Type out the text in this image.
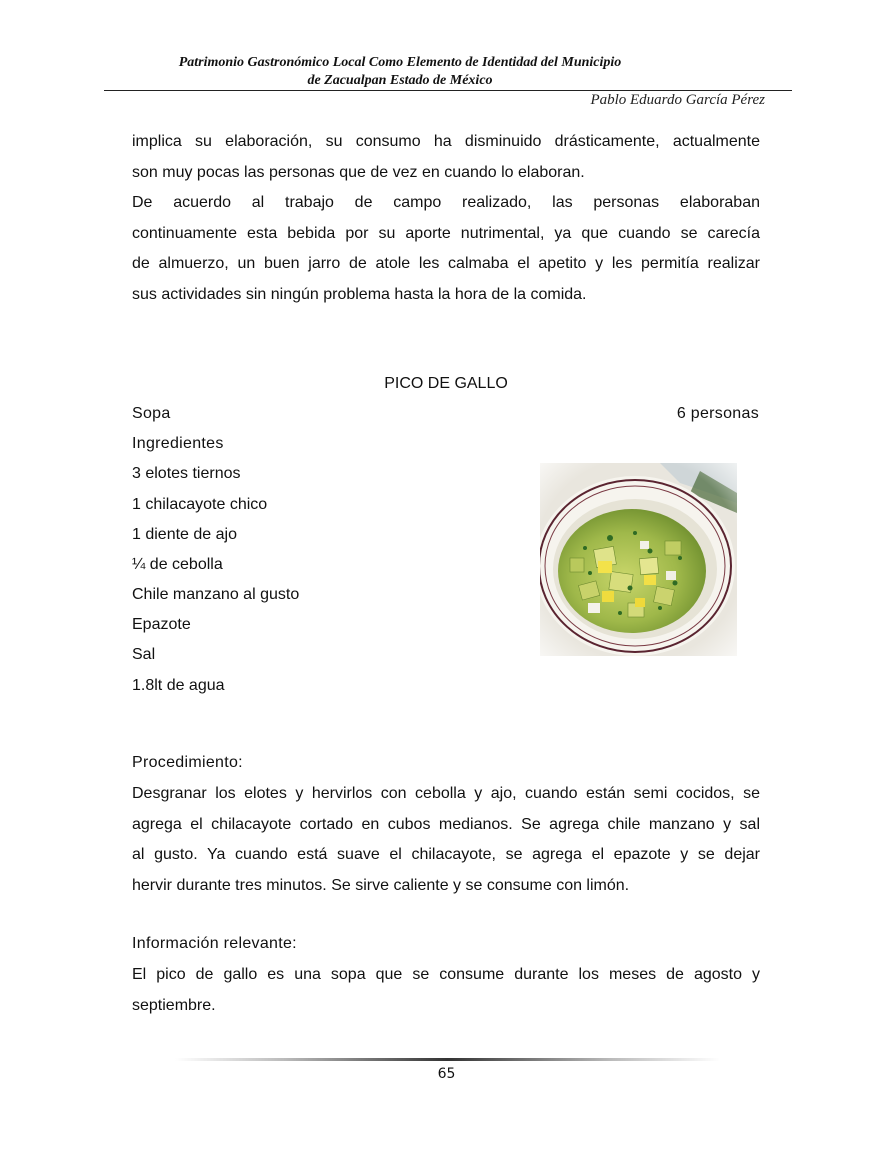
Patrimonio Gastronómico Local Como Elemento de Identidad del Municipio
de Zacualpan Estado de México
Pablo Eduardo García Pérez
implica su elaboración, su consumo ha disminuido drásticamente, actualmente
son muy pocas las personas que de vez en cuando lo elaboran.
De acuerdo al trabajo de campo realizado, las personas elaboraban
continuamente esta bebida por su aporte nutrimental, ya que cuando se carecía
de almuerzo, un buen jarro de atole les calmaba el apetito y les permitía realizar
sus actividades sin ningún problema hasta la hora de la comida.
PICO DE GALLO
Sopa	6 personas
Ingredientes
3 elotes tiernos
1 chilacayote chico
1 diente de ajo
¼ de cebolla
Chile manzano al gusto
Epazote
Sal
1.8lt de agua
Procedimiento:
Desgranar los elotes y hervirlos con cebolla y ajo, cuando están semi cocidos, se
agrega el chilacayote cortado en cubos medianos. Se agrega chile manzano y sal
al gusto. Ya cuando está suave el chilacayote, se agrega el epazote y se dejar
hervir durante tres minutos. Se sirve caliente y se consume con limón.
Información relevante:
El pico de gallo es una sopa que se consume durante los meses de agosto y
septiembre.
65
